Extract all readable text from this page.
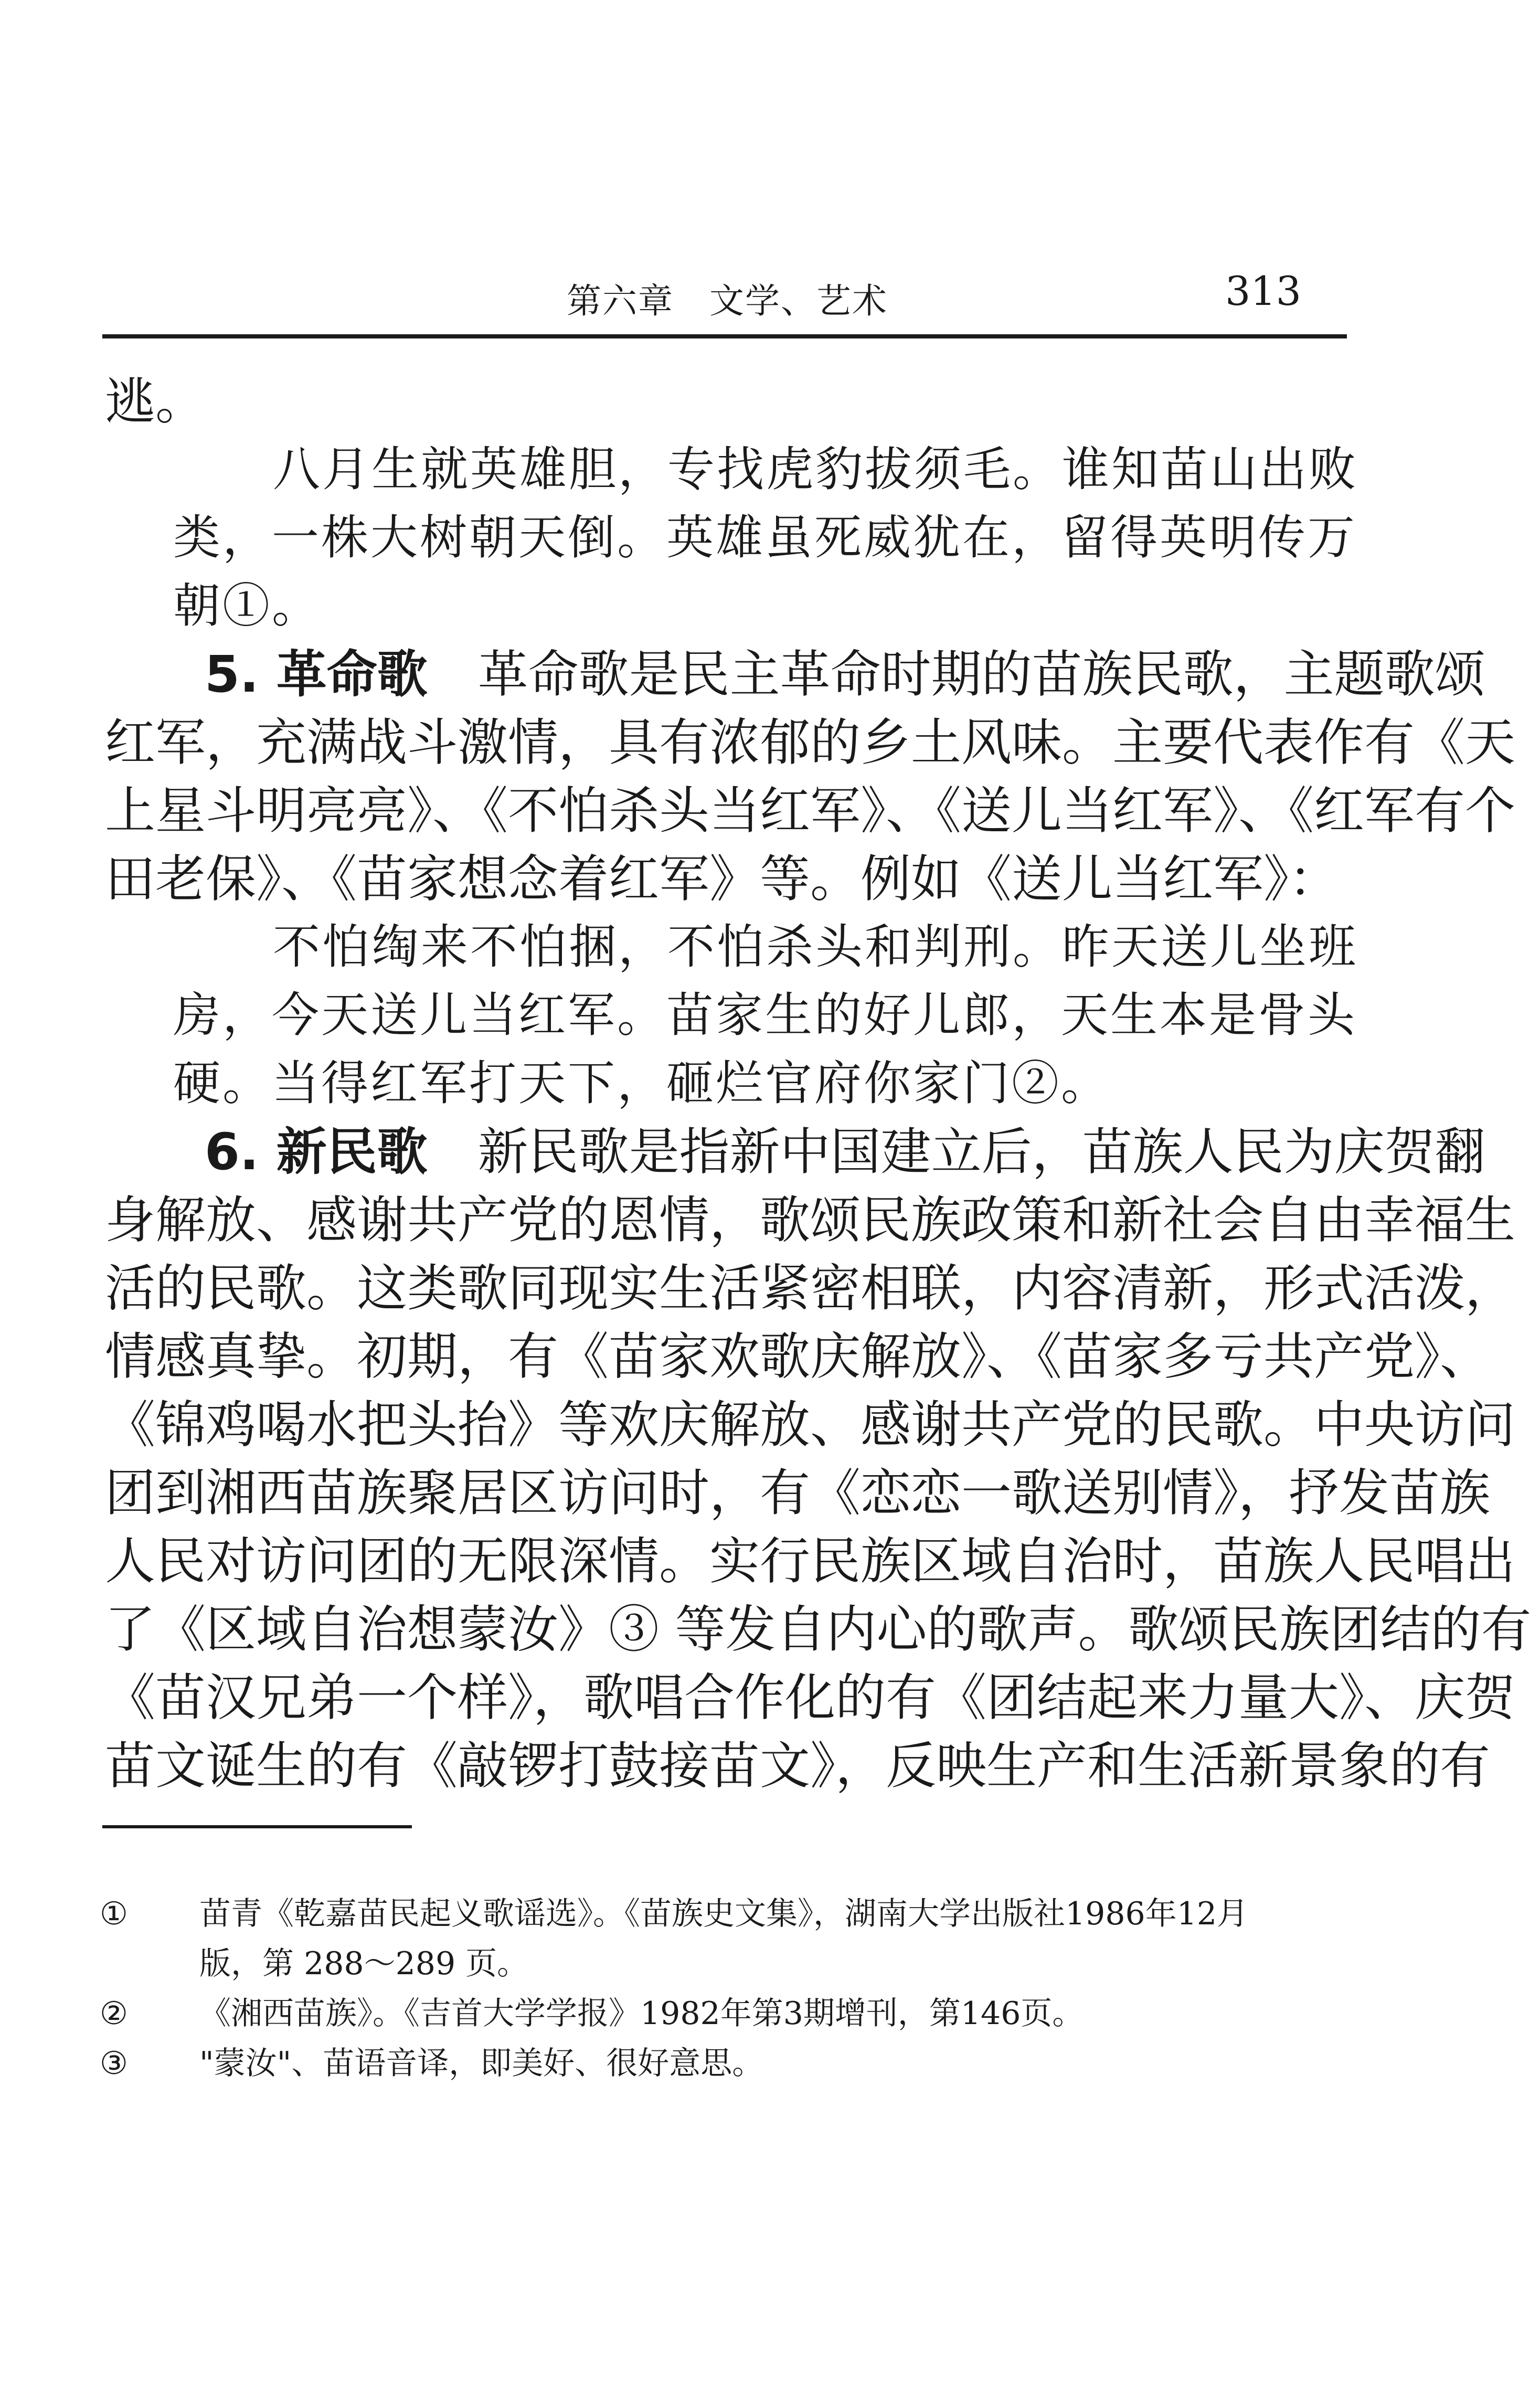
第六章　文学、艺术	313
逃。
八月生就英雄胆，专找虎豹拔须毛。谁知苗山出败
类，一株大树朝天倒。英雄虽死威犹在，留得英明传万
朝①。
5. 革命歌　革命歌是民主革命时期的苗族民歌，主题歌颂
红军，充满战斗激情，具有浓郁的乡土风味。主要代表作有《天
上星斗明亮亮》、《不怕杀头当红军》、《送儿当红军》、《红军有个
田老保》、《苗家想念着红军》等。例如《送儿当红军》：
不怕绹来不怕捆，不怕杀头和判刑。昨天送儿坐班
房，今天送儿当红军。苗家生的好儿郎，天生本是骨头
硬。当得红军打天下，砸烂官府你家门②。
6. 新民歌　新民歌是指新中国建立后，苗族人民为庆贺翻
身解放、感谢共产党的恩情，歌颂民族政策和新社会自由幸福生
活的民歌。这类歌同现实生活紧密相联，内容清新，形式活泼，
情感真挚。初期，有《苗家欢歌庆解放》、《苗家多亏共产党》、
《锦鸡喝水把头抬》等欢庆解放、感谢共产党的民歌。中央访问
团到湘西苗族聚居区访问时，有《恋恋一歌送别情》，抒发苗族
人民对访问团的无限深情。实行民族区域自治时，苗族人民唱出
了《区域自治想蒙汝》③ 等发自内心的歌声。歌颂民族团结的有
《苗汉兄弟一个样》，歌唱合作化的有《团结起来力量大》、庆贺
苗文诞生的有《敲锣打鼓接苗文》，反映生产和生活新景象的有
①	苗青《乾嘉苗民起义歌谣选》。《苗族史文集》，湖南大学出版社1986年12月
版，第 288～289 页。
②	《湘西苗族》。《吉首大学学报》1982年第3期增刊，第146页。
③	"蒙汝"、苗语音译，即美好、很好意思。
